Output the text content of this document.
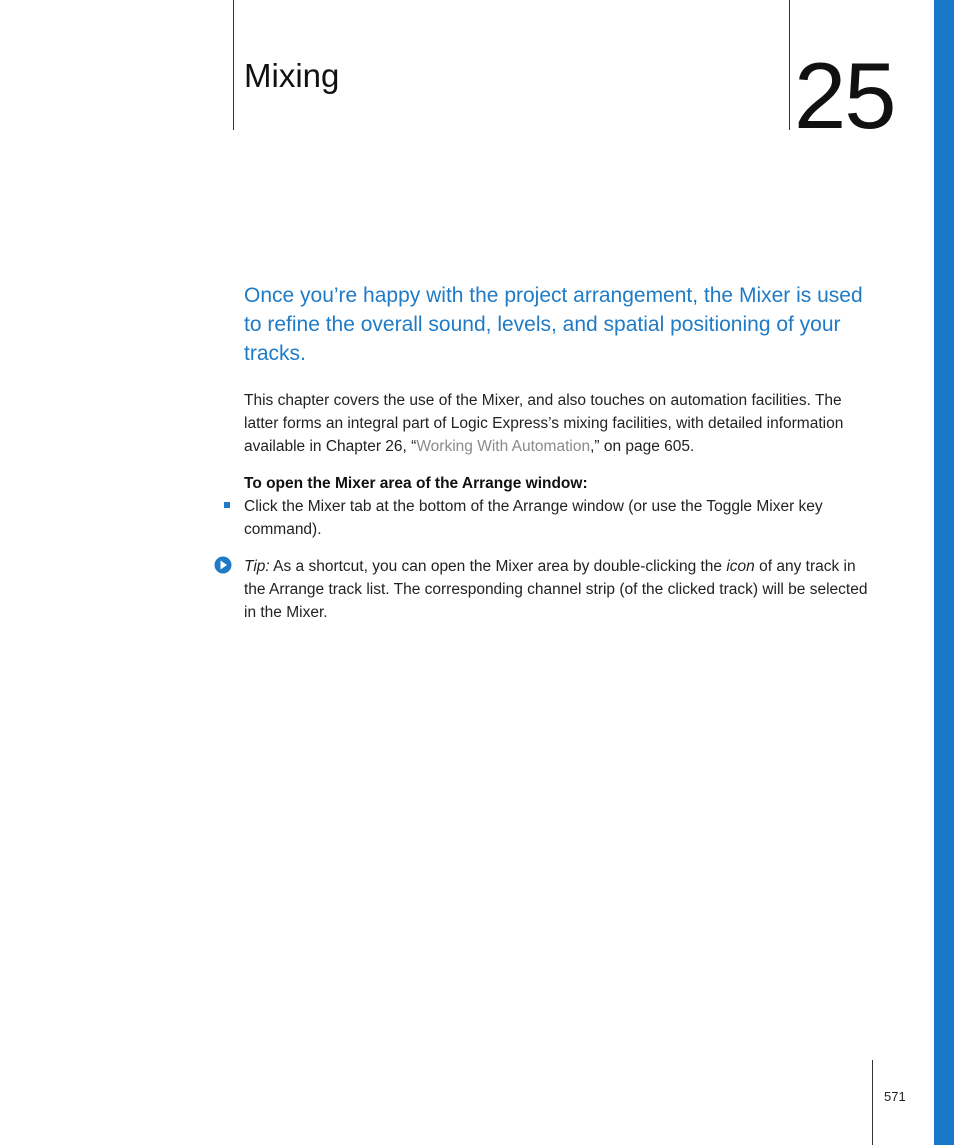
Mixing	25
Once you’re happy with the project arrangement, the Mixer is used to refine the overall sound, levels, and spatial positioning of your tracks.

This chapter covers the use of the Mixer, and also touches on automation facilities. The latter forms an integral part of Logic Express’s mixing facilities, with detailed information available in Chapter 26, “Working With Automation,” on page 605.

To open the Mixer area of the Arrange window:

Click the Mixer tab at the bottom of the Arrange window (or use the Toggle Mixer key command).

Tip: As a shortcut, you can open the Mixer area by double-clicking the icon of any track in the Arrange track list. The corresponding channel strip (of the clicked track) will be selected in the Mixer.

571
